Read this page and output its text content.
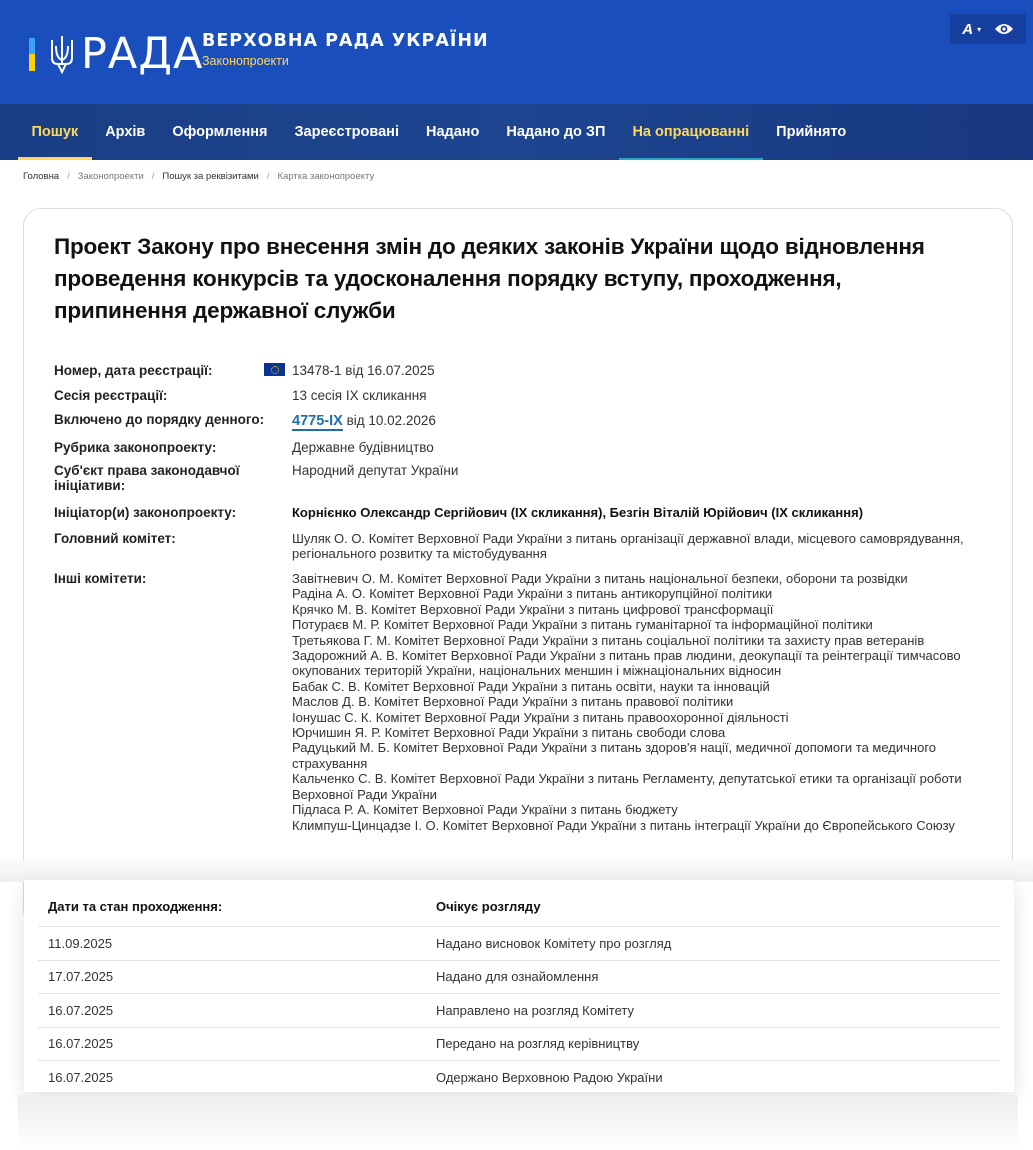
РАДА
ВЕРХОВНА РАДА УКРАЇНИ
Законопроекти
A ▾
Пошук	Архів	Оформлення	Зареєстровані	Надано	Надано до ЗП	На опрацюванні	Прийнято
Головна / Законопроекти / Пошук за реквізитами / Картка законопроекту
Проект Закону про внесення змін до деяких законів України щодо відновлення проведення конкурсів та удосконалення порядку вступу, проходження, припинення державної служби
Номер, дата реєстрації:	13478-1 від 16.07.2025
Сесія реєстрації:	13 сесія IX скликання
Включено до порядку денного:	4775-IX від 10.02.2026
Рубрика законопроекту:	Державне будівництво
Суб'єкт права законодавчої ініціативи:
Народний депутат України
Ініціатор(и) законопроекту:	Корнієнко Олександр Сергійович (IX скликання), Безгін Віталій Юрійович (IX скликання)
Головний комітет:	Шуляк О. О. Комітет Верховної Ради України з питань організації державної влади, місцевого самоврядування, регіонального розвитку та містобудування
Інші комітети:	Завітневич О. М. Комітет Верховної Ради України з питань національної безпеки, оборони та розвідки
Радіна А. О. Комітет Верховної Ради України з питань антикорупційної політики
Крячко М. В. Комітет Верховної Ради України з питань цифрової трансформації
Потураєв М. Р. Комітет Верховної Ради України з питань гуманітарної та інформаційної політики
Третьякова Г. М. Комітет Верховної Ради України з питань соціальної політики та захисту прав ветеранів
Задорожний А. В. Комітет Верховної Ради України з питань прав людини, деокупації та реінтеграції тимчасово окупованих територій України, національних меншин і міжнаціональних відносин
Бабак С. В. Комітет Верховної Ради України з питань освіти, науки та інновацій
Маслов Д. В. Комітет Верховної Ради України з питань правової політики
Іонушас С. К. Комітет Верховної Ради України з питань правоохоронної діяльності
Юрчишин Я. Р. Комітет Верховної Ради України з питань свободи слова
Радуцький М. Б. Комітет Верховної Ради України з питань здоров'я нації, медичної допомоги та медичного страхування
Кальченко С. В. Комітет Верховної Ради України з питань Регламенту, депутатської етики та організації роботи Верховної Ради України
Підласа Р. А. Комітет Верховної Ради України з питань бюджету
Климпуш-Цинцадзе І. О. Комітет Верховної Ради України з питань інтеграції України до Європейського Союзу
Дати та стан проходження:	Очікує розгляду
11.09.2025	Надано висновок Комітету про розгляд
17.07.2025	Надано для ознайомлення
16.07.2025	Направлено на розгляд Комітету
16.07.2025	Передано на розгляд керівництву
16.07.2025	Одержано Верховною Радою України
